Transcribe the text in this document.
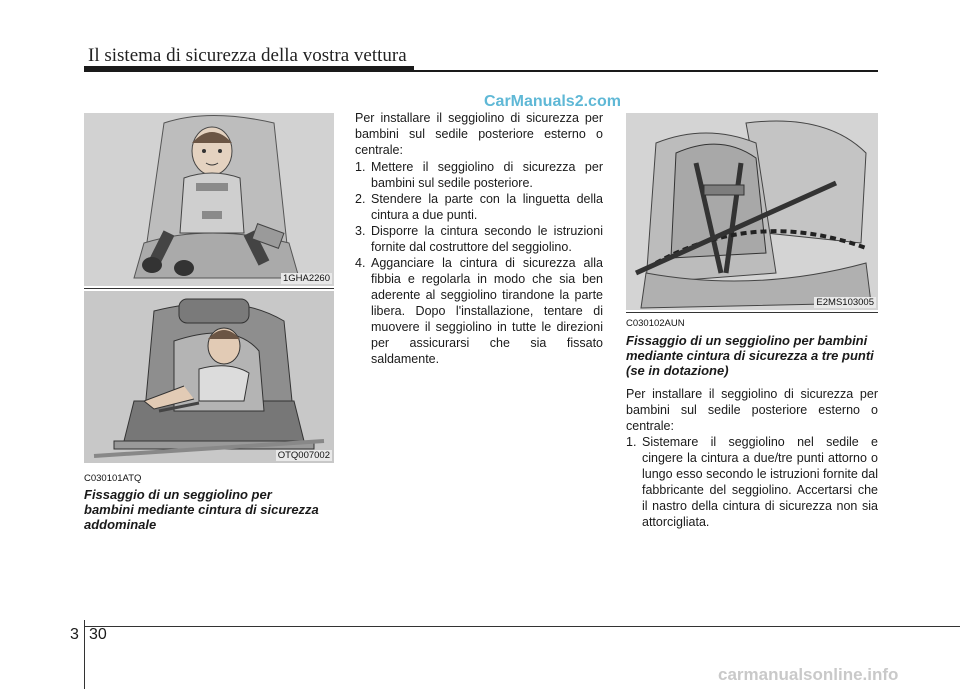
Il sistema di sicurezza della vostra vettura
CarManuals2.com
1GHA2260
OTQ007002
C030101ATQ
Fissaggio di un seggiolino per bambini mediante cintura di sicurezza addominale
Per installare il seggiolino di sicurezza per bambini sul sedile posteriore esterno o centrale:
1. Mettere il seggiolino di sicurezza per bambini sul sedile posteriore.
2. Stendere la parte con la linguetta della cintura a due punti.
3. Disporre la cintura secondo le istruzioni fornite dal costruttore del seggiolino.
4. Agganciare la cintura di sicurezza alla fibbia e regolarla in modo che sia ben aderente al seggiolino tirandone la parte libera. Dopo l'installazione, tentare di muovere il seggiolino in tutte le direzioni per assicurarsi che sia fissato saldamente.
E2MS103005
C030102AUN
Fissaggio di un seggiolino per bambini mediante cintura di sicurezza a tre punti (se in dotazione)
Per installare il seggiolino di sicurezza per bambini sul sedile posteriore esterno o centrale:
1. Sistemare il seggiolino nel sedile e cingere la cintura a due/tre punti attorno o lungo esso secondo le istruzioni fornite dal fabbricante del seggiolino. Accertarsi che il nastro della cintura di sicurezza non sia attorcigliata.
3 30
carmanualsonline.info
